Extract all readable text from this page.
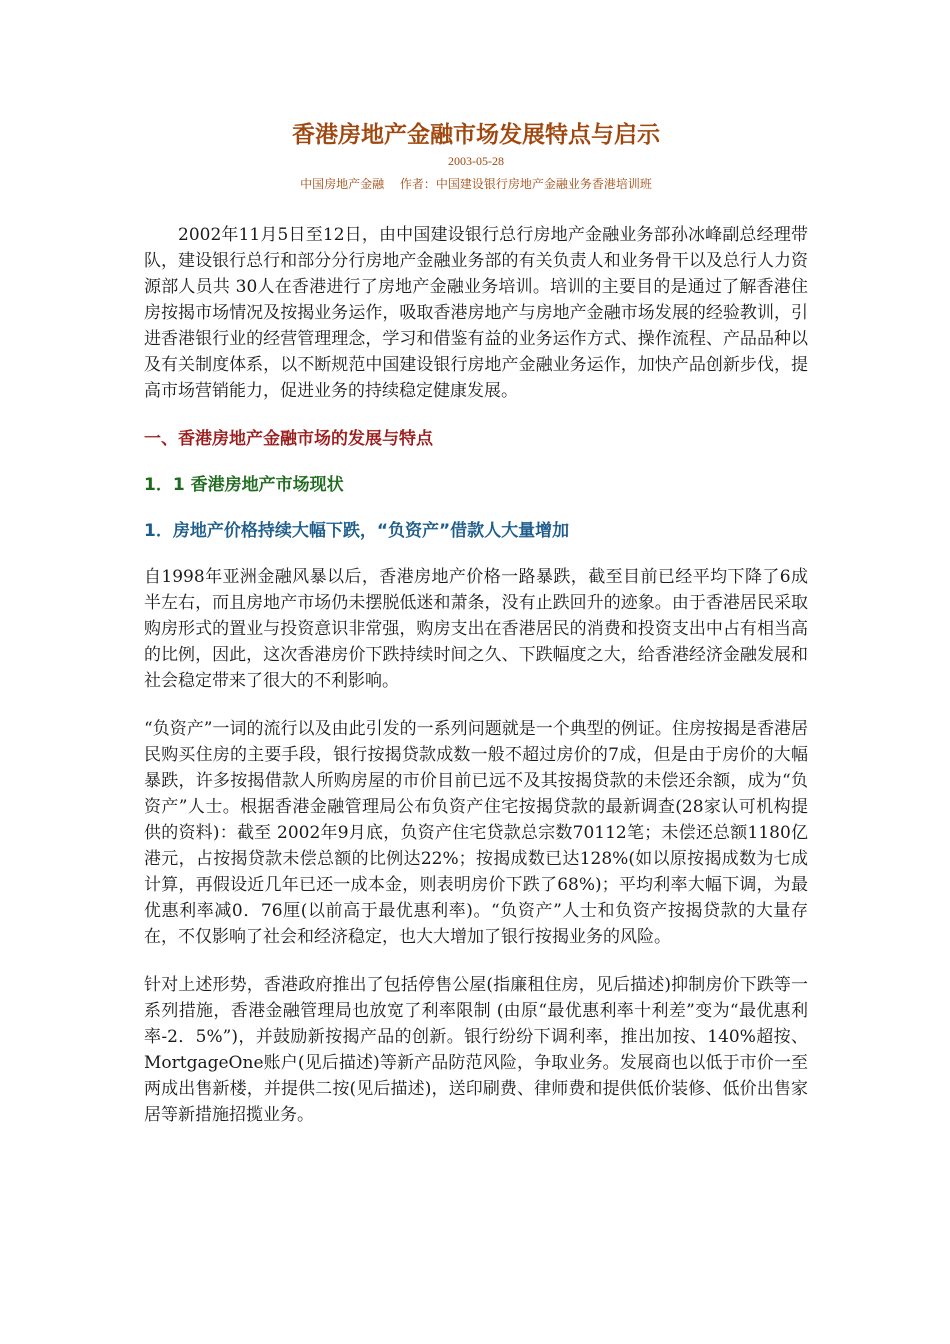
香港房地产金融市场发展特点与启示
2003-05-28
中国房地产金融 作者：中国建设银行房地产金融业务香港培训班

2002年11月5日至12日，由中国建设银行总行房地产金融业务部孙冰峰副总经理带队，建设银行总行和部分分行房地产金融业务部的有关负责人和业务骨干以及总行人力资源部人员共 30人在香港进行了房地产金融业务培训。培训的主要目的是通过了解香港住房按揭市场情况及按揭业务运作，吸取香港房地产与房地产金融市场发展的经验教训，引进香港银行业的经营管理理念，学习和借鉴有益的业务运作方式、操作流程、产品品种以及有关制度体系，以不断规范中国建设银行房地产金融业务运作，加快产品创新步伐，提高市场营销能力，促进业务的持续稳定健康发展。

一、香港房地产金融市场的发展与特点
1．1 香港房地产市场现状
1．房地产价格持续大幅下跌，“负资产”借款人大量增加

自1998年亚洲金融风暴以后，香港房地产价格一路暴跌，截至目前已经平均下降了6成半左右，而且房地产市场仍未摆脱低迷和萧条，没有止跌回升的迹象。由于香港居民采取购房形式的置业与投资意识非常强，购房支出在香港居民的消费和投资支出中占有相当高的比例，因此，这次香港房价下跌持续时间之久、下跌幅度之大，给香港经济金融发展和社会稳定带来了很大的不利影响。

“负资产”一词的流行以及由此引发的一系列问题就是一个典型的例证。住房按揭是香港居民购买住房的主要手段，银行按揭贷款成数一般不超过房价的7成，但是由于房价的大幅暴跌，许多按揭借款人所购房屋的市价目前已远不及其按揭贷款的未偿还余额，成为“负资产”人士。根据香港金融管理局公布负资产住宅按揭贷款的最新调查(28家认可机构提供的资料)：截至 2002年9月底，负资产住宅贷款总宗数70112笔；未偿还总额1180亿港元，占按揭贷款未偿总额的比例达22%；按揭成数已达128%(如以原按揭成数为七成计算，再假设近几年已还一成本金，则表明房价下跌了68%)；平均利率大幅下调，为最优惠利率减0．76厘(以前高于最优惠利率)。“负资产”人士和负资产按揭贷款的大量存在，不仅影响了社会和经济稳定，也大大增加了银行按揭业务的风险。

针对上述形势，香港政府推出了包括停售公屋(指廉租住房，见后描述)抑制房价下跌等一系列措施，香港金融管理局也放宽了利率限制 (由原“最优惠利率十利差”变为“最优惠利率-2．5%”)，并鼓励新按揭产品的创新。银行纷纷下调利率，推出加按、140%超按、MortgageOne账户(见后描述)等新产品防范风险，争取业务。发展商也以低于市价一至两成出售新楼，并提供二按(见后描述)，送印刷费、律师费和提供低价装修、低价出售家居等新措施招揽业务。
